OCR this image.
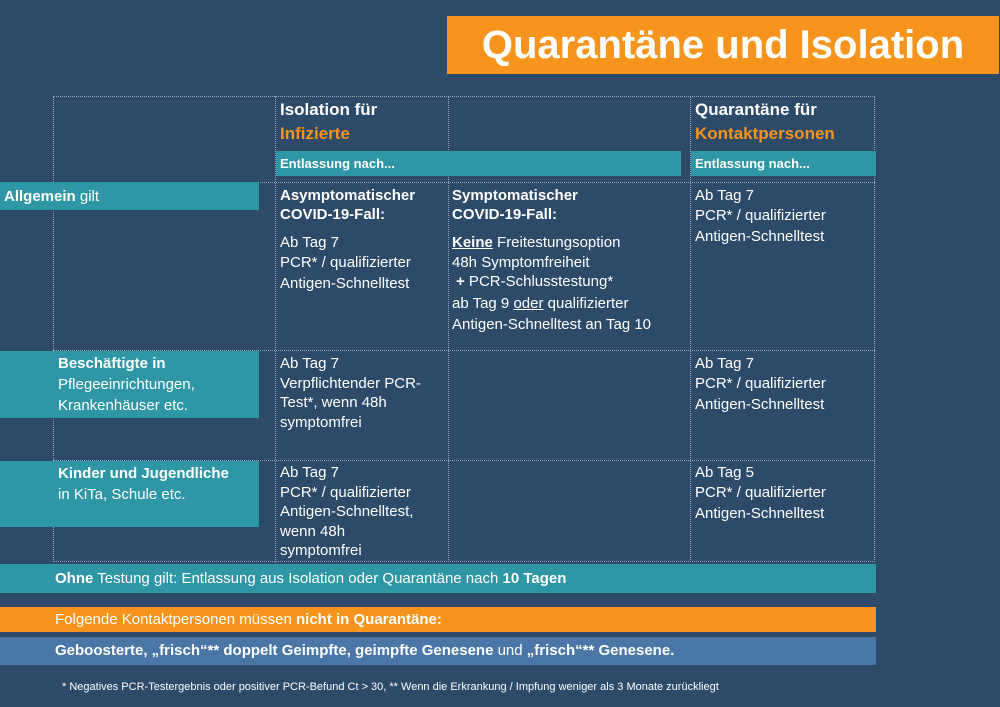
Quarantäne und Isolation
Isolation für
Infizierte
Quarantäne für
Kontaktpersonen
Entlassung nach...	Entlassung nach...
Allgemein gilt	Asymptomatischer
COVID-19-Fall:
Ab Tag 7
PCR* / qualifizierter
Antigen-Schnelltest
Symptomatischer
COVID-19-Fall:
Keine Freitestungsoption
48h Symptomfreiheit
+ PCR-Schlusstestung*
ab Tag 9 oder qualifizierter
Antigen-Schnelltest an Tag 10
Ab Tag 7
PCR* / qualifizierter
Antigen-Schnelltest
Beschäftigte in
Pflegeeinrichtungen,
Krankenhäuser etc.
Ab Tag 7
Verpflichtender PCR-
Test*, wenn 48h
symptomfrei
Ab Tag 7
PCR* / qualifizierter
Antigen-Schnelltest
Kinder und Jugendliche
in KiTa, Schule etc.
Ab Tag 7
PCR* / qualifizierter
Antigen-Schnelltest,
wenn 48h
symptomfrei
Ab Tag 5
PCR* / qualifizierter
Antigen-Schnelltest
Ohne Testung gilt: Entlassung aus Isolation oder Quarantäne nach 10 Tagen
Folgende Kontaktpersonen müssen nicht in Quarantäne:
Geboosterte, „frisch“** doppelt Geimpfte, geimpfte Genesene und „frisch“** Genesene.
* Negatives PCR-Testergebnis oder positiver PCR-Befund Ct > 30, ** Wenn die Erkrankung / Impfung weniger als 3 Monate zurückliegt
